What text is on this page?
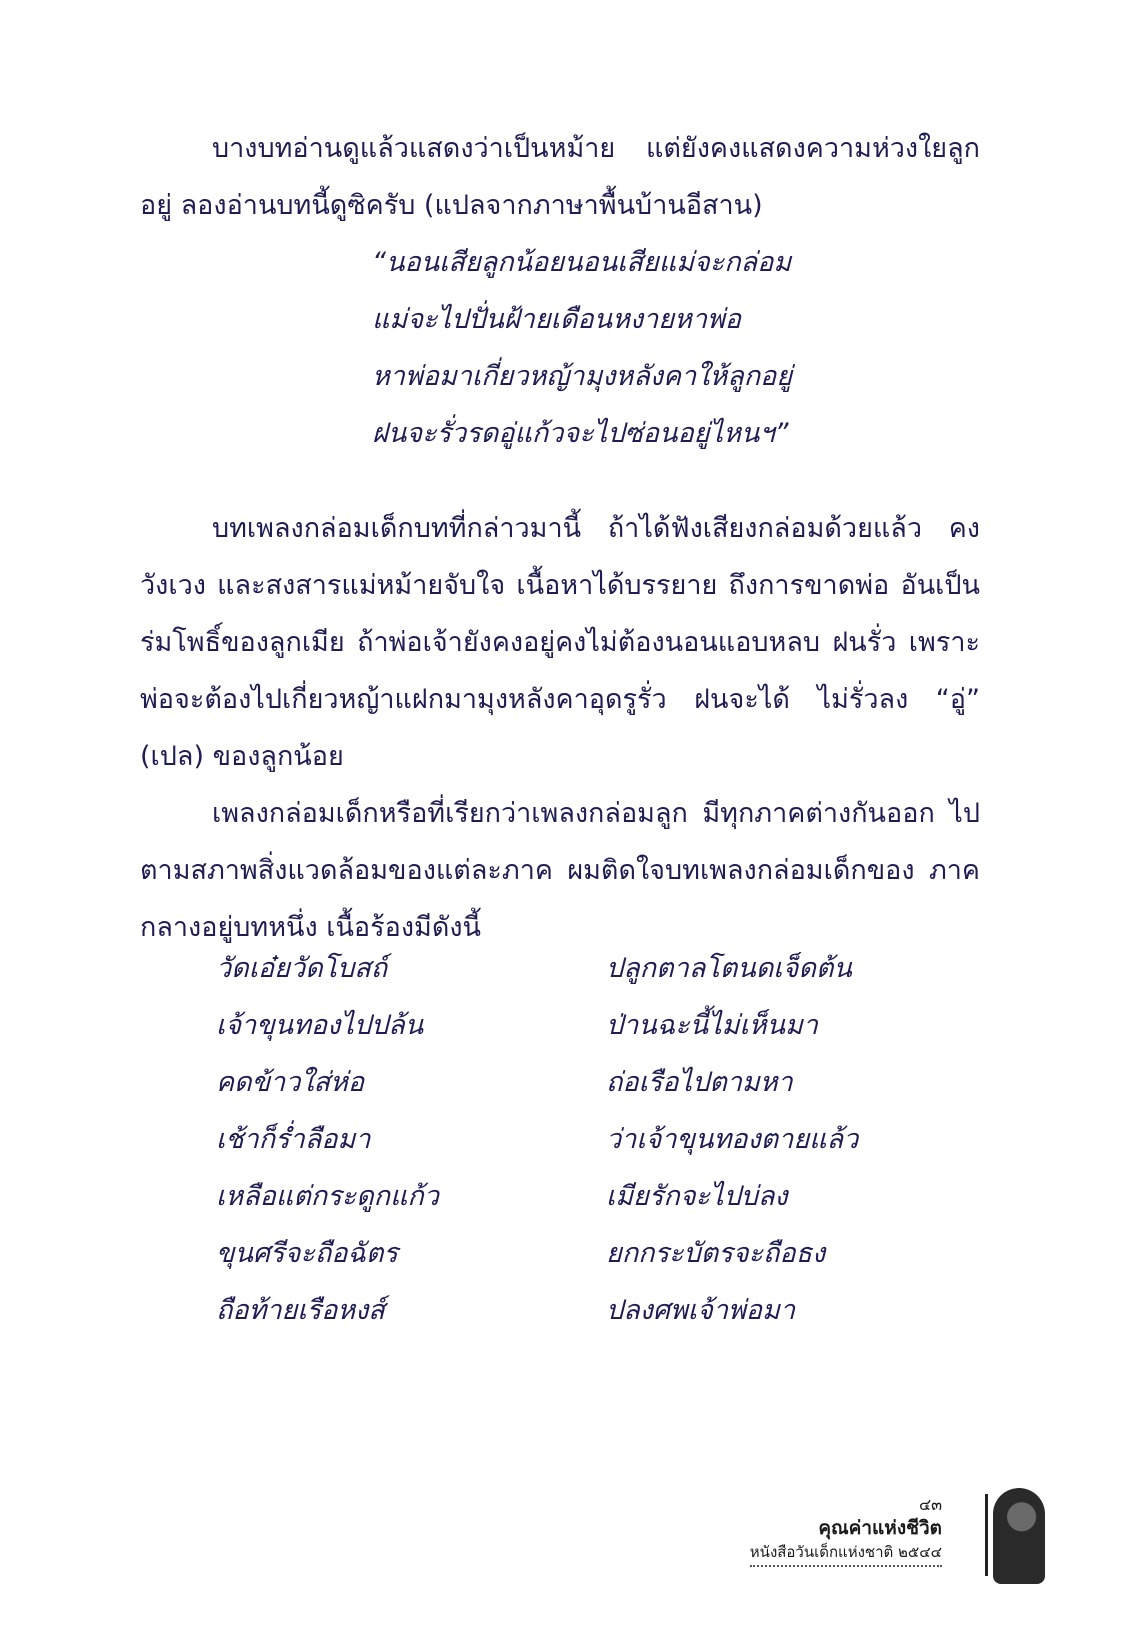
บางบทอ่านดูแล้วแสดงว่าเป็นหม้าย แต่ยังคงแสดงความห่วงใยลูกอยู่ ลองอ่านบทนี้ดูซิครับ (แปลจากภาษาพื้นบ้านอีสาน)

“นอนเสียลูกน้อยนอนเสียแม่จะกล่อม
แม่จะไปปั่นฝ้ายเดือนหงายหาพ่อ
หาพ่อมาเกี่ยวหญ้ามุงหลังคาให้ลูกอยู่
ฝนจะรั่วรดอู่แก้วจะไปซ่อนอยู่ไหนฯ”

บทเพลงกล่อมเด็กบทที่กล่าวมานี้ ถ้าได้ฟังเสียงกล่อมด้วยแล้ว คงวังเวง และสงสารแม่หม้ายจับใจ เนื้อหาได้บรรยาย ถึงการขาดพ่อ อันเป็นร่มโพธิ์ของลูกเมีย ถ้าพ่อเจ้ายังคงอยู่คงไม่ต้องนอนแอบหลบ ฝนรั่ว เพราะพ่อจะต้องไปเกี่ยวหญ้าแฝกมามุงหลังคาอุดรูรั่ว ฝนจะได้ ไม่รั่วลง “อู่” (เปล) ของลูกน้อย

เพลงกล่อมเด็กหรือที่เรียกว่าเพลงกล่อมลูก มีทุกภาคต่างกันออก ไปตามสภาพสิ่งแวดล้อมของแต่ละภาค ผมติดใจบทเพลงกล่อมเด็กของ ภาคกลางอยู่บทหนึ่ง เนื้อร้องมีดังนี้

วัดเอ๋ยวัดโบสถ์	ปลูกตาลโตนดเจ็ดต้น
เจ้าขุนทองไปปล้น	ป่านฉะนี้ไม่เห็นมา
คดข้าวใส่ห่อ	ถ่อเรือไปตามหา
เช้าก็ร่ำลือมา	ว่าเจ้าขุนทองตายแล้ว
เหลือแต่กระดูกแก้ว	เมียรักจะไปบ่ลง
ขุนศรีจะถือฉัตร	ยกกระบัตรจะถือธง
ถือท้ายเรือหงส์	ปลงศพเจ้าพ่อมา
๔๓
คุณค่าแห่งชีวิต
หนังสือวันเด็กแห่งชาติ ๒๕๔๔
